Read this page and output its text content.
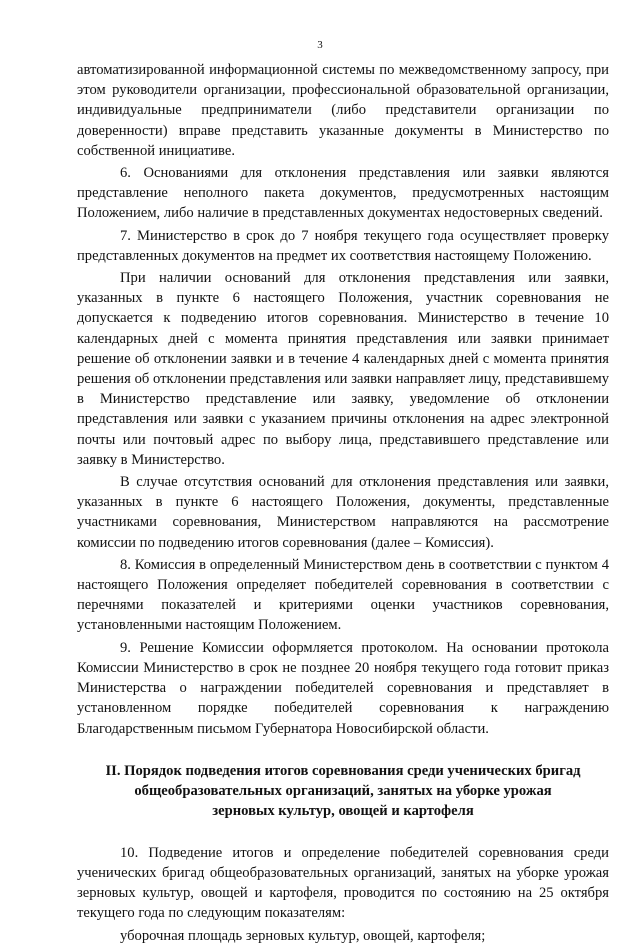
3

автоматизированной информационной системы по межведомственному запросу, при этом руководители организации, профессиональной образовательной организации, индивидуальные предприниматели (либо представители организации по доверенности) вправе представить указанные документы в Министерство по собственной инициативе.

6. Основаниями для отклонения представления или заявки являются представление неполного пакета документов, предусмотренных настоящим Положением, либо наличие в представленных документах недостоверных сведений.

7. Министерство в срок до 7 ноября текущего года осуществляет проверку представленных документов на предмет их соответствия настоящему Положению.

При наличии оснований для отклонения представления или заявки, указанных в пункте 6 настоящего Положения, участник соревнования не допускается к подведению итогов соревнования. Министерство в течение 10 календарных дней с момента принятия представления или заявки принимает решение об отклонении заявки и в течение 4 календарных дней с момента принятия решения об отклонении представления или заявки направляет лицу, представившему в Министерство представление или заявку, уведомление об отклонении представления или заявки с указанием причины отклонения на адрес электронной почты или почтовый адрес по выбору лица, представившего представление или заявку в Министерство.

В случае отсутствия оснований для отклонения представления или заявки, указанных в пункте 6 настоящего Положения, документы, представленные участниками соревнования, Министерством направляются на рассмотрение комиссии по подведению итогов соревнования (далее – Комиссия).

8. Комиссия в определенный Министерством день в соответствии с пунктом 4 настоящего Положения определяет победителей соревнования в соответствии с перечнями показателей и критериями оценки участников соревнования, установленными настоящим Положением.

9. Решение Комиссии оформляется протоколом. На основании протокола Комиссии Министерство в срок не позднее 20 ноября текущего года готовит приказ Министерства о награждении победителей соревнования и представляет в установленном порядке победителей соревнования к награждению Благодарственным письмом Губернатора Новосибирской области.

II. Порядок подведения итогов соревнования среди ученических бригад
общеобразовательных организаций, занятых на уборке урожая
зерновых культур, овощей и картофеля

10. Подведение итогов и определение победителей соревнования среди ученических бригад общеобразовательных организаций, занятых на уборке урожая зерновых культур, овощей и картофеля, проводится по состоянию на 25 октября текущего года по следующим показателям:

уборочная площадь зерновых культур, овощей, картофеля;
